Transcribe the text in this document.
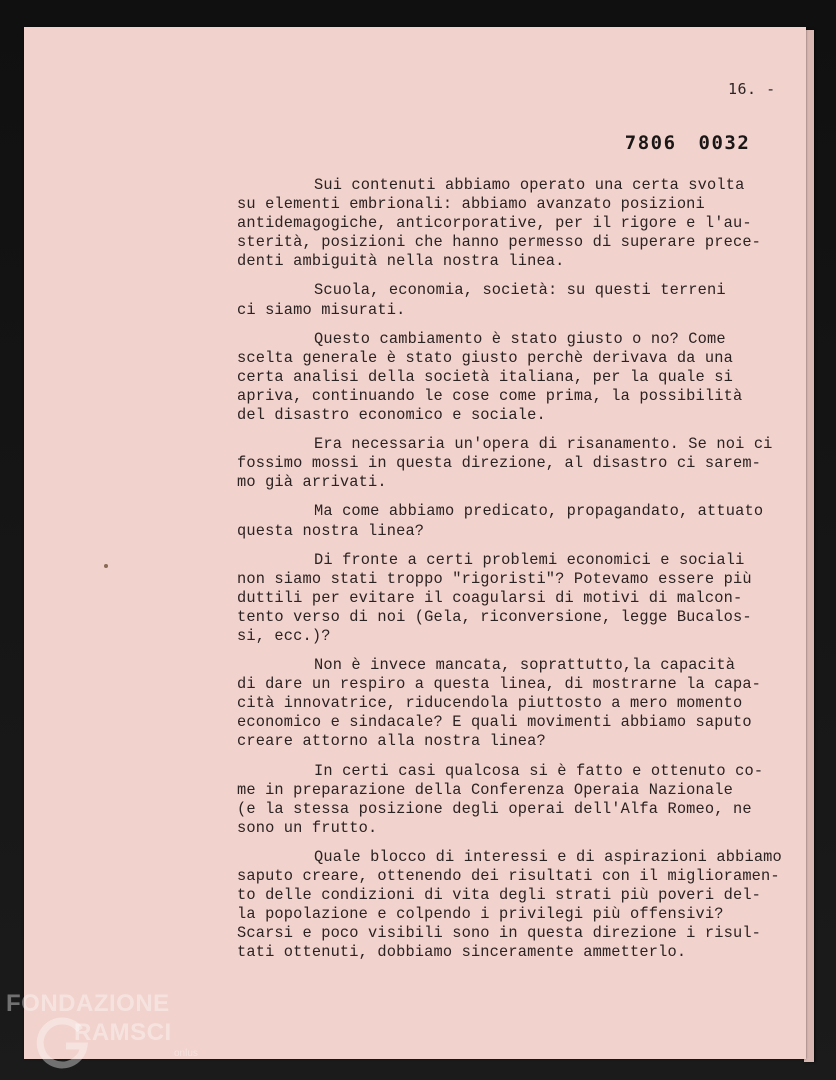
16. -

7806 0032

Sui contenuti abbiamo operato una certa svolta
su elementi embrionali: abbiamo avanzato posizioni
antidemagogiche, anticorporative, per il rigore e l'au-
sterità, posizioni che hanno permesso di superare prece-
denti ambiguità nella nostra linea.
Scuola, economia, società: su questi terreni
ci siamo misurati.
Questo cambiamento è stato giusto o no? Come
scelta generale è stato giusto perchè derivava da una
certa analisi della società italiana, per la quale si
apriva, continuando le cose come prima, la possibilità
del disastro economico e sociale.
Era necessaria un'opera di risanamento. Se noi ci
fossimo mossi in questa direzione, al disastro ci sarem-
mo già arrivati.
Ma come abbiamo predicato, propagandato, attuato
questa nostra linea?
Di fronte a certi problemi economici e sociali
non siamo stati troppo "rigoristi"? Potevamo essere più
duttili per evitare il coagularsi di motivi di malcon-
tento verso di noi (Gela, riconversione, legge Bucalos-
si, ecc.)?
Non è invece mancata, soprattutto,la capacità
di dare un respiro a questa linea, di mostrarne la capa-
cità innovatrice, riducendola piuttosto a mero momento
economico e sindacale? E quali movimenti abbiamo saputo
creare attorno alla nostra linea?
In certi casi qualcosa si è fatto e ottenuto co-
me in preparazione della Conferenza Operaia Nazionale
(e la stessa posizione degli operai dell'Alfa Romeo, ne
sono un frutto.
Quale blocco di interessi e di aspirazioni abbiamo
saputo creare, ottenendo dei risultati con il miglioramen-
to delle condizioni di vita degli strati più poveri del-
la popolazione e colpendo i privilegi più offensivi?
Scarsi e poco visibili sono in questa direzione i risul-
tati ottenuti, dobbiamo sinceramente ammetterlo.
FONDAZIONE
RAMSCI
onlus
